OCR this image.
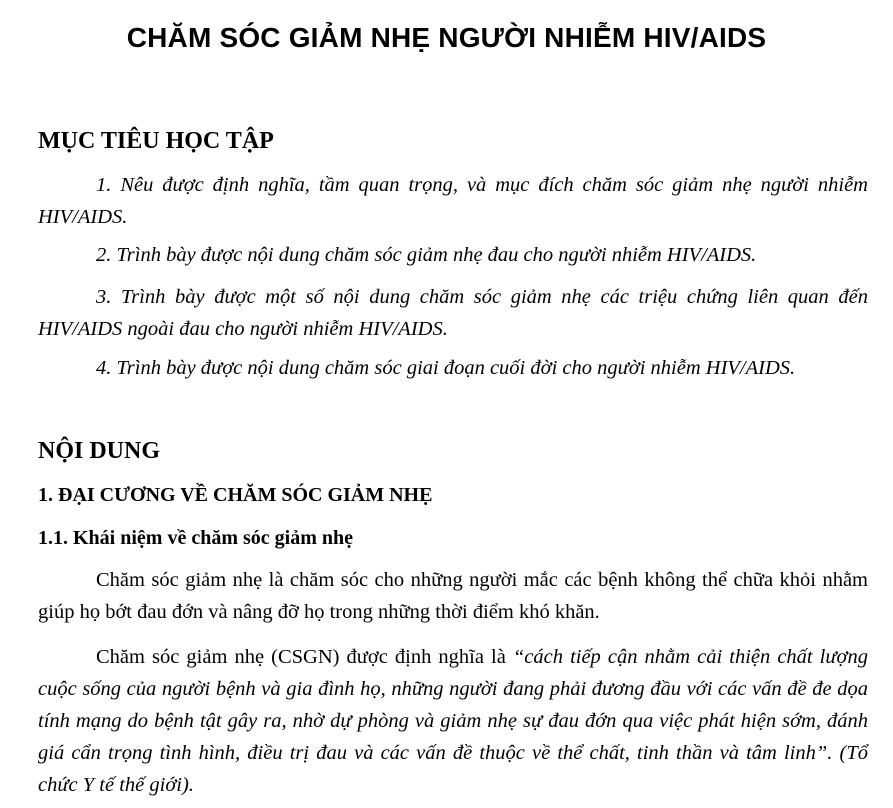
CHĂM SÓC GIẢM NHẸ NGƯỜI NHIỄM HIV/AIDS
MỤC TIÊU HỌC TẬP

1. Nêu được định nghĩa, tầm quan trọng, và mục đích chăm sóc giảm nhẹ người nhiễm HIV/AIDS.

2. Trình bày được nội dung chăm sóc giảm nhẹ đau cho người nhiễm HIV/AIDS.

3. Trình bày được một số nội dung chăm sóc giảm nhẹ các triệu chứng liên quan đến HIV/AIDS ngoài đau cho người nhiễm HIV/AIDS.

4. Trình bày được nội dung chăm sóc giai đoạn cuối đời cho người nhiễm HIV/AIDS.

NỘI DUNG
1. ĐẠI CƯƠNG VỀ CHĂM SÓC GIẢM NHẸ
1.1. Khái niệm về chăm sóc giảm nhẹ

Chăm sóc giảm nhẹ là chăm sóc cho những người mắc các bệnh không thể chữa khỏi nhằm giúp họ bớt đau đớn và nâng đỡ họ trong những thời điểm khó khăn.

Chăm sóc giảm nhẹ (CSGN) được định nghĩa là “cách tiếp cận nhằm cải thiện chất lượng cuộc sống của người bệnh và gia đình họ, những người đang phải đương đầu với các vấn đề đe dọa tính mạng do bệnh tật gây ra, nhờ dự phòng và giảm nhẹ sự đau đớn qua việc phát hiện sớm, đánh giá cẩn trọng tình hình, điều trị đau và các vấn đề thuộc về thể chất, tinh thần và tâm linh”. (Tổ chức Y tế thế giới).
